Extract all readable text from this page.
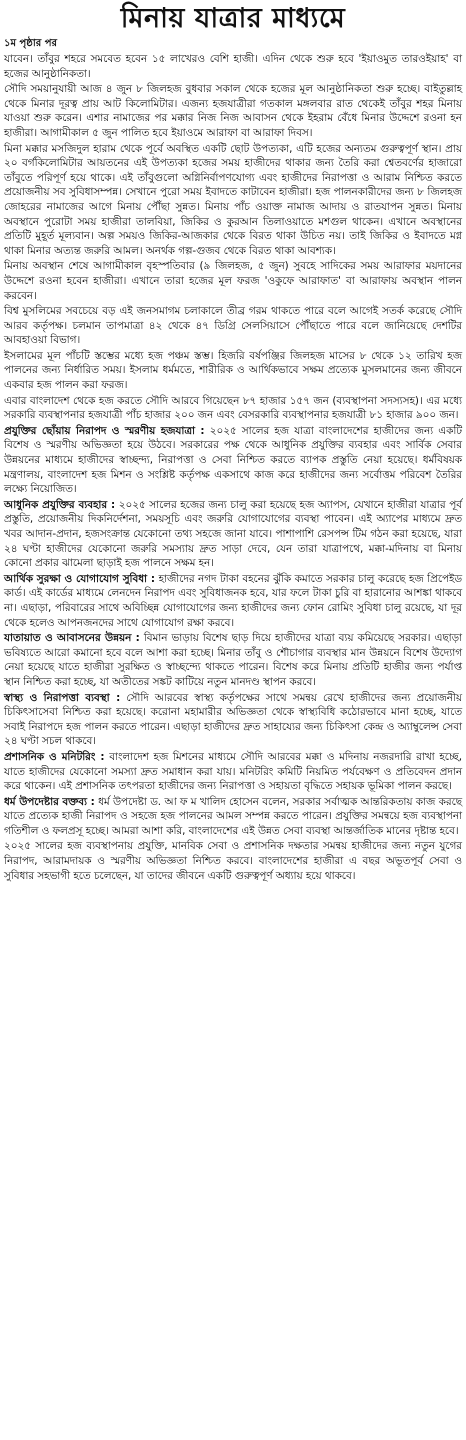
মিনায় যাত্রার মাধ্যমে
১ম পৃষ্ঠার পর

যাবেন। তাঁবুর শহরে সমবেত হবেন ১৫ লাখেরও বেশি হাজী। এদিন থেকে শুরু হবে 'ইয়াওমুত তারওইয়াহ' বা হজের আনুষ্ঠানিকতা।

সৌদি সময়ানুযায়ী আজ ৪ জুন ৮ জিলহজ বুধবার সকাল থেকে হজের মূল আনুষ্ঠানিকতা শুরু হচ্ছে। বাইতুল্লাহ থেকে মিনার দূরত্ব প্রায় আট কিলোমিটার। এজন্য হজযাত্রীরা গতকাল মঙ্গলবার রাত থেকেই তাঁবুর শহর মিনায় যাওয়া শুরু করেন। এশার নামাজের পর মক্কার নিজ নিজ আবাসন থেকে ইহরাম বেঁধে মিনার উদ্দেশে রওনা হন হাজীরা। আগামীকাল ৫ জুন পালিত হবে ইয়াওমে আরাফা বা আরাফা দিবস।

মিনা মক্কার মসজিদুল হারাম থেকে পূর্বে অবস্থিত একটি ছোট উপত্যকা, এটি হজের অন্যতম গুরুত্বপূর্ণ স্থান। প্রায় ২০ বর্গকিলোমিটার আয়তনের এই উপত্যকা হজের সময় হাজীদের থাকার জন্য তৈরি করা শ্বেতবর্ণের হাজারো তাঁবুতে পরিপূর্ণ হয়ে থাকে। এই তাঁবুগুলো অগ্নিনির্বাপণযোগ্য এবং হাজীদের নিরাপত্তা ও আরাম নিশ্চিত করতে প্রয়োজনীয় সব সুবিধাসম্পন্ন। সেখানে পুরো সময় ইবাদতে কাটাবেন হাজীরা। হজ পালনকারীদের জন্য ৮ জিলহজ জোহরের নামাজের আগে মিনায় পৌঁছা সুন্নত। মিনায় পাঁচ ওয়াক্ত নামাজ আদায় ও রাতযাপন সুন্নত। মিনায় অবস্থানে পুরোটা সময় হাজীরা তালবিয়া, জিকির ও কুরআন তিলাওয়াতে মশগুল থাকেন। এখানে অবস্থানের প্রতিটি মুহূর্ত মূল্যবান। অল্প সময়ও জিকির-আজকার থেকে বিরত থাকা উচিত নয়। তাই জিকির ও ইবাদতে মগ্ন থাকা মিনার অত্যন্ত জরুরি আমল। অনর্থক গল্প-গুজব থেকে বিরত থাকা আবশ্যক।

মিনায় অবস্থান শেষে আগামীকাল বৃহস্পতিবার (৯ জিলহজ, ৫ জুন) সুবহে সাদিকের সময় আরাফার ময়দানের উদ্দেশে রওনা হবেন হাজীরা। এখানে তারা হজের মূল ফরজ 'ওকুফে আরাফাত' বা আরাফায় অবস্থান পালন করবেন।

বিশ্ব মুসলিমের সবচেয়ে বড় এই জনসমাগম চলাকালে তীব্র গরম থাকতে পারে বলে আগেই সতর্ক করেছে সৌদি আরব কর্তৃপক্ষ। চলমান তাপমাত্রা ৪২ থেকে ৪৭ ডিগ্রি সেলসিয়াসে পৌঁছাতে পারে বলে জানিয়েছে দেশটির আবহাওয়া বিভাগ।

ইসলামের মূল পাঁচটি স্তম্ভের মধ্যে হজ পঞ্চম স্তম্ভ। হিজরি বর্ষপঞ্জির জিলহজ মাসের ৮ থেকে ১২ তারিখ হজ পালনের জন্য নির্ধারিত সময়। ইসলাম ধর্মমতে, শারীরিক ও আর্থিকভাবে সক্ষম প্রত্যেক মুসলমানের জন্য জীবনে একবার হজ পালন করা ফরজ।

এবার বাংলাদেশ থেকে হজ করতে সৌদি আরবে গিয়েছেন ৮৭ হাজার ১৫৭ জন (ব্যবস্থাপনা সদস্যসহ)। এর মধ্যে সরকারি ব্যবস্থাপনার হজযাত্রী পাঁচ হাজার ২০০ জন এবং বেসরকারি ব্যবস্থাপনার হজযাত্রী ৮১ হাজার ৯০০ জন।

প্রযুক্তির ছোঁয়ায় নিরাপদ ও স্মরণীয় হজযাত্রা : ২০২৫ সালের হজ যাত্রা বাংলাদেশের হাজীদের জন্য একটি বিশেষ ও স্মরণীয় অভিজ্ঞতা হয়ে উঠবে। সরকারের পক্ষ থেকে আধুনিক প্রযুক্তির ব্যবহার এবং সার্বিক সেবার উন্নয়নের মাধ্যমে হাজীদের স্বাচ্ছন্দ্য, নিরাপত্তা ও সেবা নিশ্চিত করতে ব্যাপক প্রস্তুতি নেয়া হয়েছে। ধর্মবিষয়ক মন্ত্রণালয়, বাংলাদেশ হজ মিশন ও সংশ্লিষ্ট কর্তৃপক্ষ একসাথে কাজ করে হাজীদের জন্য সর্বোত্তম পরিবেশ তৈরির লক্ষ্যে নিয়োজিত।

আধুনিক প্রযুক্তির ব্যবহার : ২০২৫ সালের হজের জন্য চালু করা হয়েছে হজ অ্যাপস, যেখানে হাজীরা যাত্রার পূর্ব প্রস্তুতি, প্রয়োজনীয় দিকনির্দেশনা, সময়সূচি এবং জরুরি যোগাযোগের ব্যবস্থা পাবেন। এই অ্যাপের মাধ্যমে দ্রুত খবর আদান-প্রদান, হজসংক্রান্ত যেকোনো তথ্য সহজে জানা যাবে। পাশাপাশি রেসপন্স টিম গঠন করা হয়েছে, যারা ২৪ ঘণ্টা হাজীদের যেকোনো জরুরি সমস্যায় দ্রুত সাড়া দেবে, যেন তারা যাত্রাপথে, মক্কা-মদিনায় বা মিনায় কোনো প্রকার ঝামেলা ছাড়াই হজ পালনে সক্ষম হন।

আর্থিক সুরক্ষা ও যোগাযোগ সুবিধা : হাজীদের নগদ টাকা বহনের ঝুঁকি কমাতে সরকার চালু করেছে হজ প্রিপেইড কার্ড। এই কার্ডের মাধ্যমে লেনদেন নিরাপদ এবং সুবিধাজনক হবে, যার ফলে টাকা চুরি বা হারানোর আশঙ্কা থাকবে না। এছাড়া, পরিবারের সাথে অবিচ্ছিন্ন যোগাযোগের জন্য হাজীদের জন্য ফোন রোমিং সুবিধা চালু রয়েছে, যা দূর থেকে হলেও আপনজনদের সাথে যোগাযোগ রক্ষা করবে।

যাতায়াত ও আবাসনের উন্নয়ন : বিমান ভাড়ায় বিশেষ ছাড় দিয়ে হাজীদের যাত্রা ব্যয় কমিয়েছে সরকার। এছাড়া ভবিষ্যতে আরো কমানো হবে বলে আশা করা হচ্ছে। মিনার তাঁবু ও শৌচাগার ব্যবস্থার মান উন্নয়নে বিশেষ উদ্যোগ নেয়া হয়েছে যাতে হাজীরা সুরক্ষিত ও স্বাচ্ছন্দ্যে থাকতে পারেন। বিশেষ করে মিনায় প্রতিটি হাজীর জন্য পর্যাপ্ত স্থান নিশ্চিত করা হচ্ছে, যা অতীতের সঙ্কট কাটিয়ে নতুন মানদণ্ড স্থাপন করবে।

স্বাস্থ্য ও নিরাপত্তা ব্যবস্থা : সৌদি আরবের স্বাস্থ্য কর্তৃপক্ষের সাথে সমন্বয় রেখে হাজীদের জন্য প্রয়োজনীয় চিকিৎসাসেবা নিশ্চিত করা হয়েছে। করোনা মহামারীর অভিজ্ঞতা থেকে স্বাস্থ্যবিধি কঠোরভাবে মানা হচ্ছে, যাতে সবাই নিরাপদে হজ পালন করতে পারেন। এছাড়া হাজীদের দ্রুত সাহায্যের জন্য চিকিৎসা কেন্দ্র ও অ্যাম্বুলেন্স সেবা ২৪ ঘণ্টা সচল থাকবে।

প্রশাসনিক ও মনিটরিং : বাংলাদেশ হজ মিশনের মাধ্যমে সৌদি আরবের মক্কা ও মদিনায় নজরদারি রাখা হচ্ছে, যাতে হাজীদের যেকোনো সমস্যা দ্রুত সমাধান করা যায়। মনিটরিং কমিটি নিয়মিত পর্যবেক্ষণ ও প্রতিবেদন প্রদান করে থাকেন। এই প্রশাসনিক তৎপরতা হাজীদের জন্য নিরাপত্তা ও সহায়তা বৃদ্ধিতে সহায়ক ভূমিকা পালন করছে।

ধর্ম উপদেষ্টার বক্তব্য : ধর্ম উপদেষ্টা ড. আ ফ ম খালিদ হোসেন বলেন, সরকার সর্বাত্মক আন্তরিকতায় কাজ করছে যাতে প্রত্যেক হাজী নিরাপদ ও সহজে হজ পালনের আমল সম্পন্ন করতে পারেন। প্রযুক্তির সমন্বয়ে হজ ব্যবস্থাপনা গতিশীল ও ফলপ্রসূ হচ্ছে। আমরা আশা করি, বাংলাদেশের এই উন্নত সেবা ব্যবস্থা আন্তর্জাতিক মানের দৃষ্টান্ত হবে।

২০২৫ সালের হজ ব্যবস্থাপনায় প্রযুক্তি, মানবিক সেবা ও প্রশাসনিক দক্ষতার সমন্বয় হাজীদের জন্য নতুন যুগের নিরাপদ, আরামদায়ক ও স্মরণীয় অভিজ্ঞতা নিশ্চিত করবে। বাংলাদেশের হাজীরা এ বছর অভূতপূর্ব সেবা ও সুবিধার সহভাগী হতে চলেছেন, যা তাদের জীবনে একটি গুরুত্বপূর্ণ অধ্যায় হয়ে থাকবে।
